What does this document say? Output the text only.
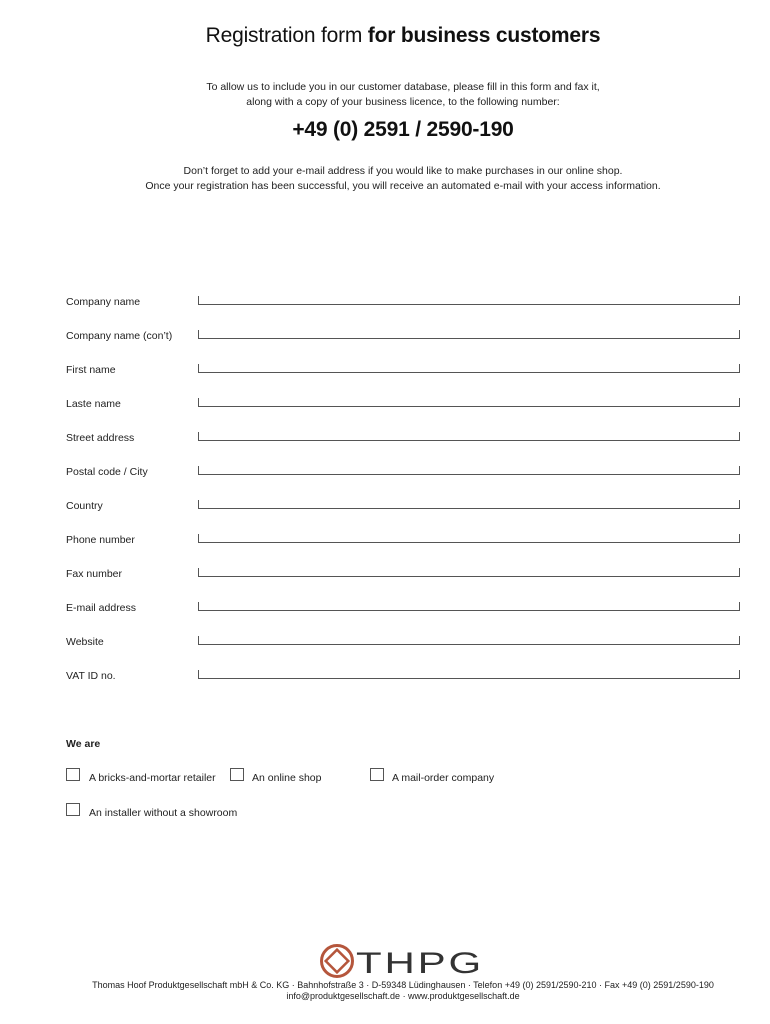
Registration form for business customers
To allow us to include you in our customer database, please fill in this form and fax it,
along with a copy of your business licence, to the following number:
+49 (0) 2591 / 2590-190
Don’t forget to add your e-mail address if you would like to make purchases in our online shop.
Once your registration has been successful, you will receive an automated e-mail with your access information.
Company name
Company name (con’t)
First name
Laste name
Street address
Postal code / City
Country
Phone number
Fax number
E-mail address
Website
VAT ID no.
We are
A bricks-and-mortar retailer	An online shop	A mail-order company
An installer without a showroom
THPG
Thomas Hoof Produktgesellschaft mbH & Co. KG · Bahnhofstraße 3 · D-59348 Lüdinghausen · Telefon +49 (0) 2591/2590-210 · Fax +49 (0) 2591/2590-190
info@produktgesellschaft.de · www.produktgesellschaft.de
